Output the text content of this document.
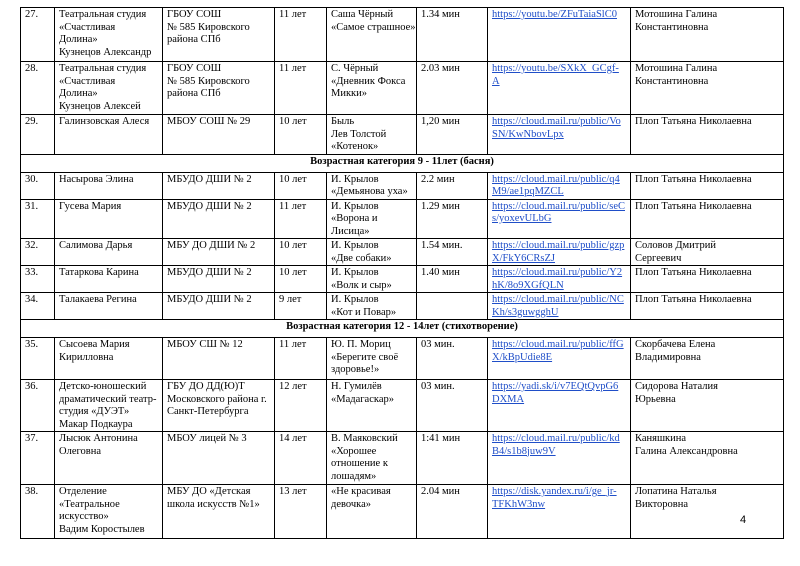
27.	Театральная студия
«Счастливая
Долина»
Кузнецов Александр	ГБОУ СОШ
№ 585 Кировского
района СПб	11 лет	Саша Чёрный
«Самое страшное»	1.34 мин	https://youtu.be/ZFuTaiaSlC0	Мотошина Галина
Константиновна

28.	Театральная студия
«Счастливая
Долина»
Кузнецов Алексей	ГБОУ СОШ
№ 585 Кировского
района СПб	11 лет	С. Чёрный
«Дневник Фокса
Микки»	2.03 мин	https://youtu.be/SXkX_GCgf-
A	Мотошина Галина
Константиновна

29.	Галинзовская Алеся	МБОУ СОШ № 29	10 лет	Быль
Лев Толстой
«Котенок»	1,20 мин	https://cloud.mail.ru/public/Vo
SN/KwNbovLpx	Плоп Татьяна Николаевна

Возрастная категория 9 - 11лет (басня)							
30.	Насырова Элина	МБУДО ДШИ № 2	10 лет	И. Крылов
«Демьянова уха»	2.2 мин	https://cloud.mail.ru/public/q4
M9/ae1pqMZCL	Плоп Татьяна Николаевна

31.	Гусева Мария	МБУДО ДШИ № 2	11 лет	И. Крылов
«Ворона и
Лисица»	1.29 мин	https://cloud.mail.ru/public/seC
s/yoxevULbG	Плоп Татьяна Николаевна

32.	Салимова Дарья	МБУ ДО ДШИ № 2	10 лет	И. Крылов
«Две собаки»	1.54 мин.	https://cloud.mail.ru/public/gzp
X/FkY6CRsZJ	Соловов Дмитрий
Сергеевич

33.	Татаркова Карина	МБУДО ДШИ № 2	10 лет	И. Крылов
«Волк и сыр»	1.40 мин	https://cloud.mail.ru/public/Y2
hK/8o9XGfQLN	Плоп Татьяна Николаевна

34.	Талакаева Регина	МБУДО ДШИ № 2	9 лет	И. Крылов
«Кот и Повар»		https://cloud.mail.ru/public/NC
Kh/s3guwgghU	Плоп Татьяна Николаевна

Возрастная категория 12 - 14лет (стихотворение)							
35.	Сысоева Мария
Кирилловна	МБОУ СШ № 12	11 лет	Ю. П. Мориц
«Берегите своё
здоровье!»	03 мин.	https://cloud.mail.ru/public/ffG
X/kBpUdie8E	Скорбачева Елена
Владимировна

36.	Детско-юношеский
драматический театр-
студия «ДУЭТ»
Макар Подкаура	ГБУ ДО ДД(Ю)Т
Московского района г.
Санкт-Петербурга	12 лет	Н. Гумилёв
«Мадагаскар»	03 мин.	https://yadi.sk/i/v7EQtQvpG6
DXMA	Сидорова Наталия
Юрьевна

37.	Лысюк Антонина
Олеговна	МБОУ лицей № 3	14 лет	В. Маяковский
«Хорошее
отношение к
лошадям»	1:41 мин	https://cloud.mail.ru/public/kd
B4/s1b8juw9V	Каняшкина
Галина Александровна

38.	Отделение
«Театральное
искусство»
Вадим Коростылев	МБУ ДО «Детская
школа искусств №1»	13 лет	«Не красивая
девочка»	2.04 мин	https://disk.yandex.ru/i/ge_jr-
TFKhW3nw	Лопатина Наталья
Викторовна
4
